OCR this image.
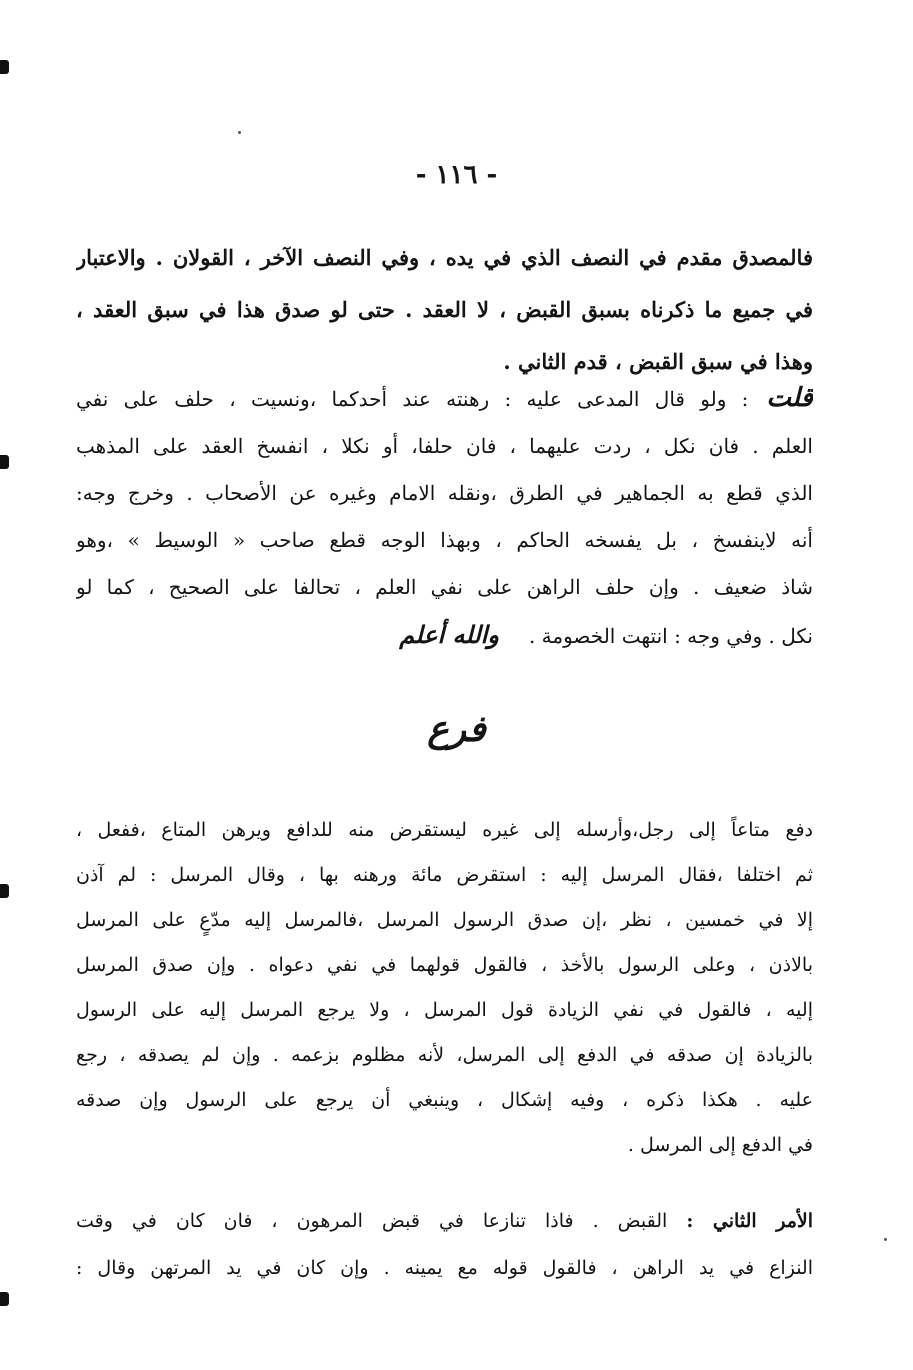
- ١١٦ -
فالمصدق مقدم في النصف الذي في يده ، وفي النصف الآخر ، القولان . والاعتبار
في جميع ما ذكرناه بسبق القبض ، لا العقد . حتى لو صدق هذا في سبق العقد ،
وهذا في سبق القبض ، قدم الثاني .
قلت: ولو قال المدعى عليه : رهنته عند أحدكما ،ونسيت ، حلف على نفي
العلم . فان نكل ، ردت عليهما ، فان حلفا، أو نكلا ، انفسخ العقد على المذهب
الذي قطع به الجماهير في الطرق ،ونقله الامام وغيره عن الأصحاب . وخرج وجه:
أنه لاينفسخ ، بل يفسخه الحاكم ، وبهذا الوجه قطع صاحب « الوسيط » ،وهو
شاذ ضعيف . وإن حلف الراهن على نفي العلم ، تحالفا على الصحيح ، كما لو
نكل . وفي وجه : انتهت الخصومة .والله أعلم
فرع
دفع متاعاً إلى رجل،وأرسله إلى غيره ليستقرض منه للدافع ويرهن المتاع ،ففعل ،
ثم اختلفا ،فقال المرسل إليه : استقرض مائة ورهنه بها ، وقال المرسل : لم آذن
إلا في خمسين ، نظر ،إن صدق الرسول المرسل ،فالمرسل إليه مدّعٍ على المرسل
بالاذن ، وعلى الرسول بالأخذ ، فالقول قولهما في نفي دعواه . وإن صدق المرسل
إليه ، فالقول في نفي الزيادة قول المرسل ، ولا يرجع المرسل إليه على الرسول
بالزيادة إن صدقه في الدفع إلى المرسل، لأنه مظلوم بزعمه . وإن لم يصدقه ، رجع
عليه . هكذا ذكره ، وفيه إشكال ، وينبغي أن يرجع على الرسول وإن صدقه
في الدفع إلى المرسل .
الأمر الثاني : القبض . فاذا تنازعا في قبض المرهون ، فان كان في وقت
النزاع في يد الراهن ، فالقول قوله مع يمينه . وإن كان في يد المرتهن وقال :
